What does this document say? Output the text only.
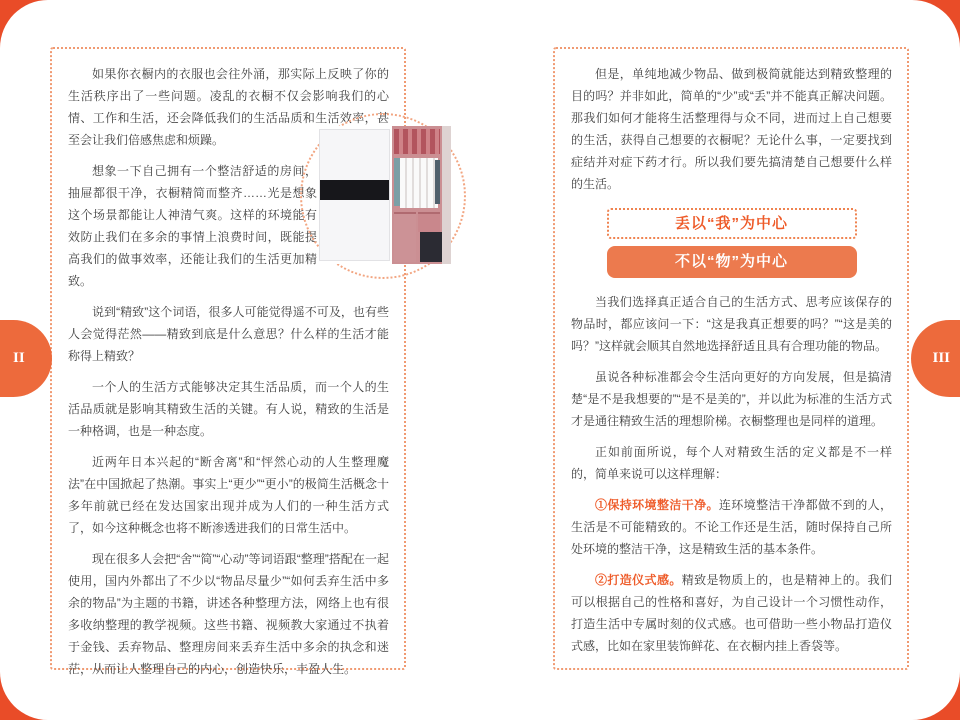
如果你衣橱内的衣服也会往外涌，那实际上反映了你的生活秩序出了一些问题。凌乱的衣橱不仅会影响我们的心情、工作和生活，还会降低我们的生活品质和生活效率，甚至会让我们倍感焦虑和烦躁。

想象一下自己拥有一个整洁舒适的房间，抽屉都很干净，衣橱精简而整齐……光是想象这个场景都能让人神清气爽。这样的环境能有效防止我们在多余的事情上浪费时间，既能提高我们的做事效率，还能让我们的生活更加精致。

说到“精致”这个词语，很多人可能觉得遥不可及，也有些人会觉得茫然——精致到底是什么意思？什么样的生活才能称得上精致？

一个人的生活方式能够决定其生活品质，而一个人的生活品质就是影响其精致生活的关键。有人说，精致的生活是一种格调，也是一种态度。

近两年日本兴起的“断舍离”和“怦然心动的人生整理魔法”在中国掀起了热潮。事实上“更少”“更小”的极简生活概念十多年前就已经在发达国家出现并成为人们的一种生活方式了，如今这种概念也将不断渗透进我们的日常生活中。

现在很多人会把“舍”“简”“心动”等词语跟“整理”搭配在一起使用，国内外都出了不少以“物品尽量少”“如何丢弃生活中多余的物品”为主题的书籍，讲述各种整理方法，网络上也有很多收纳整理的教学视频。这些书籍、视频教大家通过不执着于金钱、丢弃物品、整理房间来丢弃生活中多余的执念和迷茫，从而让人整理自己的内心，创造快乐，丰盈人生。

但是，单纯地减少物品、做到极简就能达到精致整理的目的吗？并非如此，简单的“少”或“丢”并不能真正解决问题。那我们如何才能将生活整理得与众不同，进而过上自己想要的生活，获得自己想要的衣橱呢？无论什么事，一定要找到症结并对症下药才行。所以我们要先搞清楚自己想要什么样的生活。

丢以“我”为中心
不以“物”为中心

当我们选择真正适合自己的生活方式、思考应该保存的物品时，都应该问一下：“这是我真正想要的吗？”“这是美的吗？”这样就会顺其自然地选择舒适且具有合理功能的物品。

虽说各种标准都会令生活向更好的方向发展，但是搞清楚“是不是我想要的”“是不是美的”，并以此为标准的生活方式才是通往精致生活的理想阶梯。衣橱整理也是同样的道理。

正如前面所说，每个人对精致生活的定义都是不一样的，简单来说可以这样理解：

①保持环境整洁干净。连环境整洁干净都做不到的人，生活是不可能精致的。不论工作还是生活，随时保持自己所处环境的整洁干净，这是精致生活的基本条件。

②打造仪式感。精致是物质上的，也是精神上的。我们可以根据自己的性格和喜好，为自己设计一个习惯性动作，打造生活中专属时刻的仪式感。也可借助一些小物品打造仪式感，比如在家里装饰鲜花、在衣橱内挂上香袋等。

II	III
